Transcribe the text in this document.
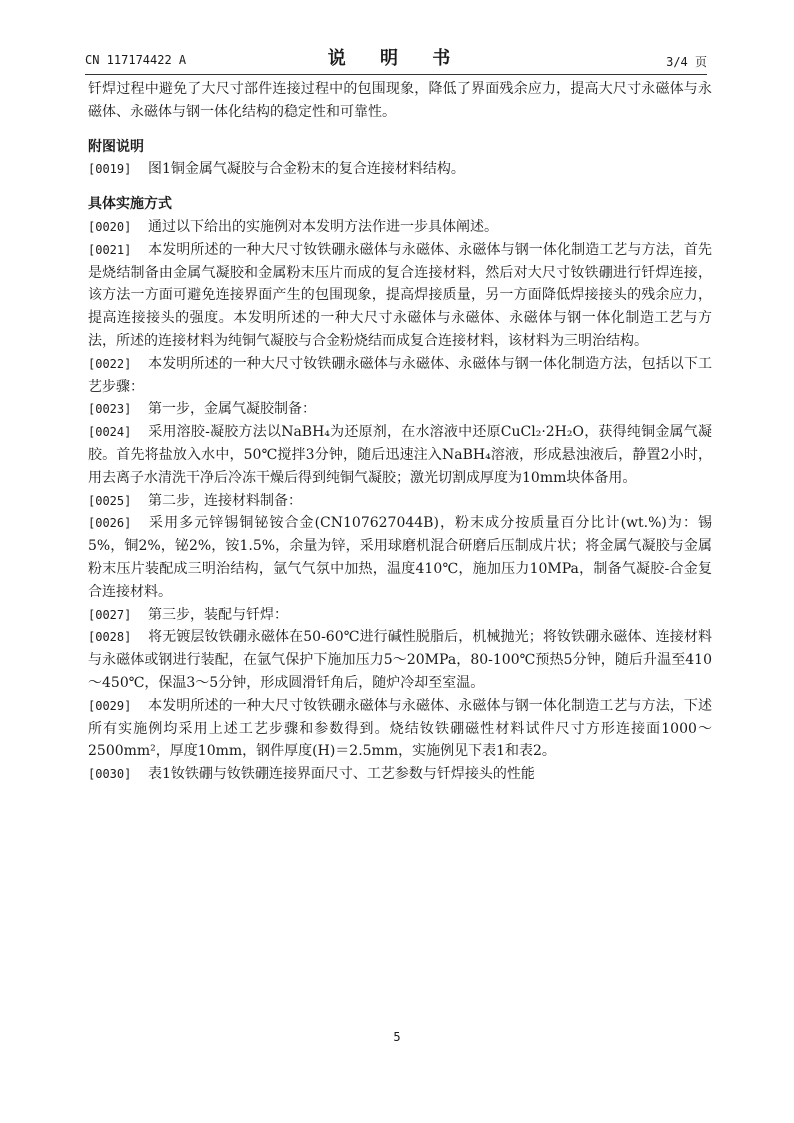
CN 117174422 A	说 明 书	3/4 页

钎焊过程中避免了大尺寸部件连接过程中的包围现象，降低了界面残余应力，提高大尺寸永磁体与永磁体、永磁体与钢一体化结构的稳定性和可靠性。

附图说明

[0019] 图1铜金属气凝胶与合金粉末的复合连接材料结构。

具体实施方式

[0020] 通过以下给出的实施例对本发明方法作进一步具体阐述。

[0021] 本发明所述的一种大尺寸钕铁硼永磁体与永磁体、永磁体与钢一体化制造工艺与方法，首先是烧结制备由金属气凝胶和金属粉末压片而成的复合连接材料，然后对大尺寸钕铁硼进行钎焊连接，该方法一方面可避免连接界面产生的包围现象，提高焊接质量，另一方面降低焊接接头的残余应力，提高连接接头的强度。本发明所述的一种大尺寸永磁体与永磁体、永磁体与钢一体化制造工艺与方法，所述的连接材料为纯铜气凝胶与合金粉烧结而成复合连接材料，该材料为三明治结构。

[0022] 本发明所述的一种大尺寸钕铁硼永磁体与永磁体、永磁体与钢一体化制造方法，包括以下工艺步骤：

[0023] 第一步，金属气凝胶制备：

[0024] 采用溶胶-凝胶方法以NaBH₄为还原剂，在水溶液中还原CuCl₂·2H₂O，获得纯铜金属气凝胶。首先将盐放入水中，50℃搅拌3分钟，随后迅速注入NaBH₄溶液，形成悬浊液后，静置2小时，用去离子水清洗干净后冷冻干燥后得到纯铜气凝胶；激光切割成厚度为10mm块体备用。

[0025] 第二步，连接材料制备：

[0026] 采用多元锌锡铜铋铵合金(CN107627044B)，粉末成分按质量百分比计(wt.%)为：锡5%，铜2%，铋2%，铵1.5%，余量为锌，采用球磨机混合研磨后压制成片状；将金属气凝胶与金属粉末压片装配成三明治结构，氩气气氛中加热，温度410℃，施加压力10MPa，制备气凝胶-合金复合连接材料。

[0027] 第三步，装配与钎焊：

[0028] 将无镀层钕铁硼永磁体在50-60℃进行碱性脱脂后，机械抛光；将钕铁硼永磁体、连接材料与永磁体或钢进行装配，在氩气保护下施加压力5～20MPa，80-100℃预热5分钟，随后升温至410～450℃，保温3～5分钟，形成圆滑钎角后，随炉冷却至室温。

[0029] 本发明所述的一种大尺寸钕铁硼永磁体与永磁体、永磁体与钢一体化制造工艺与方法，下述所有实施例均采用上述工艺步骤和参数得到。烧结钕铁硼磁性材料试件尺寸方形连接面1000～2500mm²，厚度10mm，钢件厚度(H)＝2.5mm，实施例见下表1和表2。

[0030] 表1钕铁硼与钕铁硼连接界面尺寸、工艺参数与钎焊接头的性能

5
